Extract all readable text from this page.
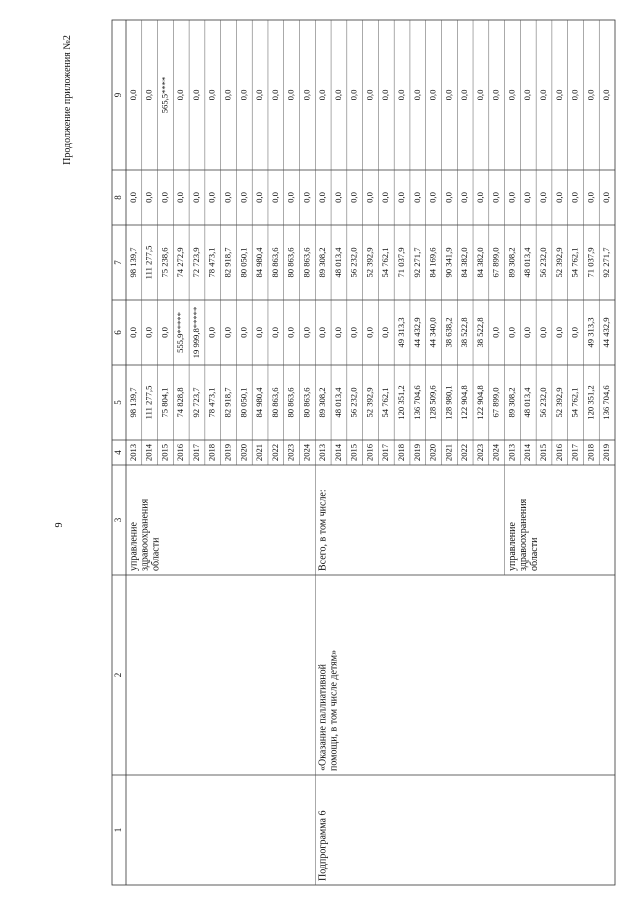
Продолжение приложения №2
9
1
2
3
4
5
6
7
8
9
2013
98 139,7
0,0
98 139,7
0,0
0,0
2014
111 277,5
0,0
111 277,5
0,0
0,0
2015
75 804,1
0,0
75 238,6
0,0
565,5****
2016
74 828,8
555,9*****
74 272,9
0,0
0,0
2017
92 723,7
19 999,8*****
72 723,9
0,0
0,0
2018
78 473,1
0,0
78 473,1
0,0
0,0
2019
82 918,7
0,0
82 918,7
0,0
0,0
2020
80 050,1
0,0
80 050,1
0,0
0,0
2021
84 980,4
0,0
84 980,4
0,0
0,0
2022
80 863,6
0,0
80 863,6
0,0
0,0
2023
80 863,6
0,0
80 863,6
0,0
0,0
2024
80 863,6
0,0
80 863,6
0,0
0,0
2013
89 308,2
0,0
89 308,2
0,0
0,0
2014
48 013,4
0,0
48 013,4
0,0
0,0
2015
56 232,0
0,0
56 232,0
0,0
0,0
2016
52 392,9
0,0
52 392,9
0,0
0,0
2017
54 762,1
0,0
54 762,1
0,0
0,0
2018
120 351,2
49 313,3
71 037,9
0,0
0,0
2019
136 704,6
44 432,9
92 271,7
0,0
0,0
2020
128 509,6
44 340,0
84 169,6
0,0
0,0
2021
128 980,1
38 638,2
90 341,9
0,0
0,0
2022
122 904,8
38 522,8
84 382,0
0,0
0,0
2023
122 904,8
38 522,8
84 382,0
0,0
0,0
2024
67 899,0
0,0
67 899,0
0,0
0,0
2013
89 308,2
0,0
89 308,2
0,0
0,0
2014
48 013,4
0,0
48 013,4
0,0
0,0
2015
56 232,0
0,0
56 232,0
0,0
0,0
2016
52 392,9
0,0
52 392,9
0,0
0,0
2017
54 762,1
0,0
54 762,1
0,0
0,0
2018
120 351,2
49 313,3
71 037,9
0,0
0,0
2019
136 704,6
44 432,9
92 271,7
0,0
0,0
управление здравоохранения области
Подпрограмма 6
«Оказание паллиативной помощи, в том числе детям»
Всего, в том числе:	управление здравоохранения области
